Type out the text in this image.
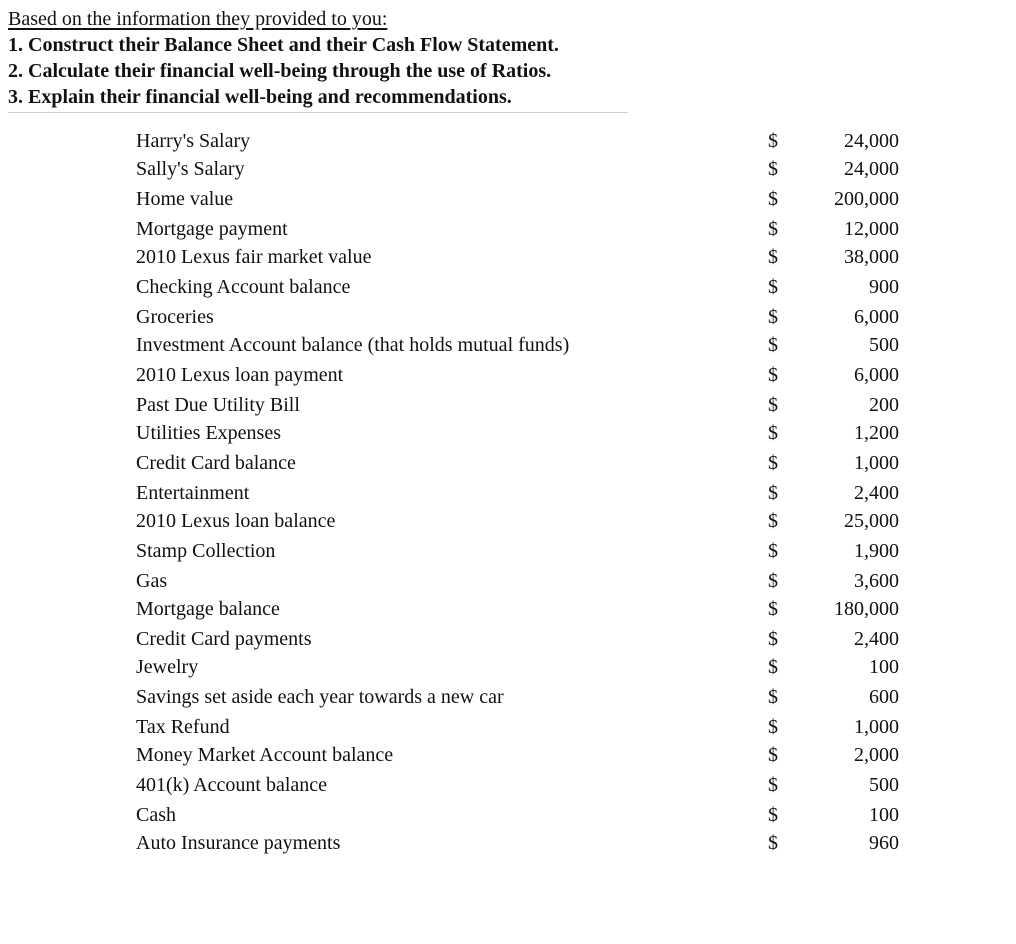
Based on the information they provided to you:
1. Construct their Balance Sheet and their Cash Flow Statement.
2. Calculate their financial well-being through the use of Ratios.
3. Explain their financial well-being and recommendations.
Harry's Salary	$	24,000
Sally's Salary	$	24,000
Home value	$	200,000
Mortgage payment	$	12,000
2010 Lexus fair market value	$	38,000
Checking Account balance	$	900
Groceries	$	6,000
Investment Account balance (that holds mutual funds)	$	500
2010 Lexus loan payment	$	6,000
Past Due Utility Bill	$	200
Utilities Expenses	$	1,200
Credit Card balance	$	1,000
Entertainment	$	2,400
2010 Lexus loan balance	$	25,000
Stamp Collection	$	1,900
Gas	$	3,600
Mortgage balance	$	180,000
Credit Card payments	$	2,400
Jewelry	$	100
Savings set aside each year towards a new car	$	600
Tax Refund	$	1,000
Money Market Account balance	$	2,000
401(k) Account balance	$	500
Cash	$	100
Auto Insurance payments	$	960
